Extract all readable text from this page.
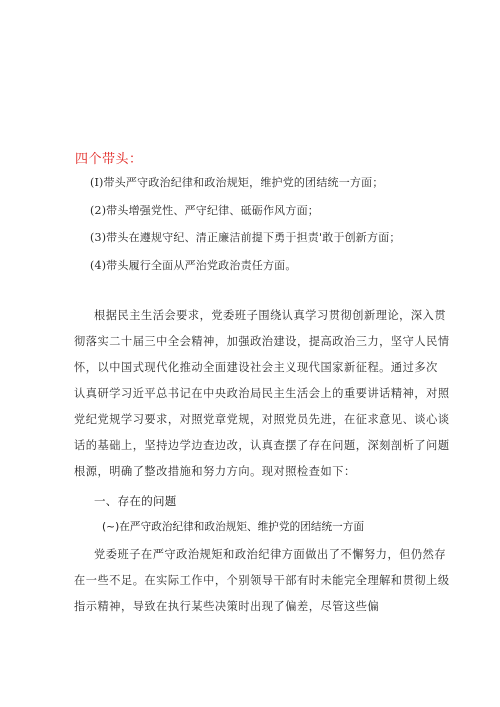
四个带头：
(I)带头严守政治纪律和政治规矩，维护党的团结统一方面；
(2)带头增强党性、严守纪律、砥砺作风方面；
(3)带头在遵规守纪、清正廉洁前提下勇于担责'敢于创新方面；
(4)带头履行全面从严治党政治责任方面。
根据民主生活会要求，党委班子围绕认真学习贯彻创新理论，深入贯
彻落实二十届三中全会精神，加强政治建设，提高政治三力，坚守人民情
怀，以中国式现代化推动全面建设社会主义现代国家新征程。通过多次
认真研学习近平总书记在中央政治局民主生活会上的重要讲话精神，对照
党纪党规学习要求，对照党章党规，对照党员先进，在征求意见、谈心谈
话的基础上，坚持边学边查边改，认真查摆了存在问题，深刻剖析了问题
根源，明确了整改措施和努力方向。现对照检查如下：
一、存在的问题
(~)在严守政治纪律和政治规矩、维护党的团结统一方面
党委班子在严守政治规矩和政治纪律方面做出了不懈努力，但仍然存
在一些不足。在实际工作中，个别领导干部有时未能完全理解和贯彻上级
指示精神，导致在执行某些决策时出现了偏差，尽管这些偏
